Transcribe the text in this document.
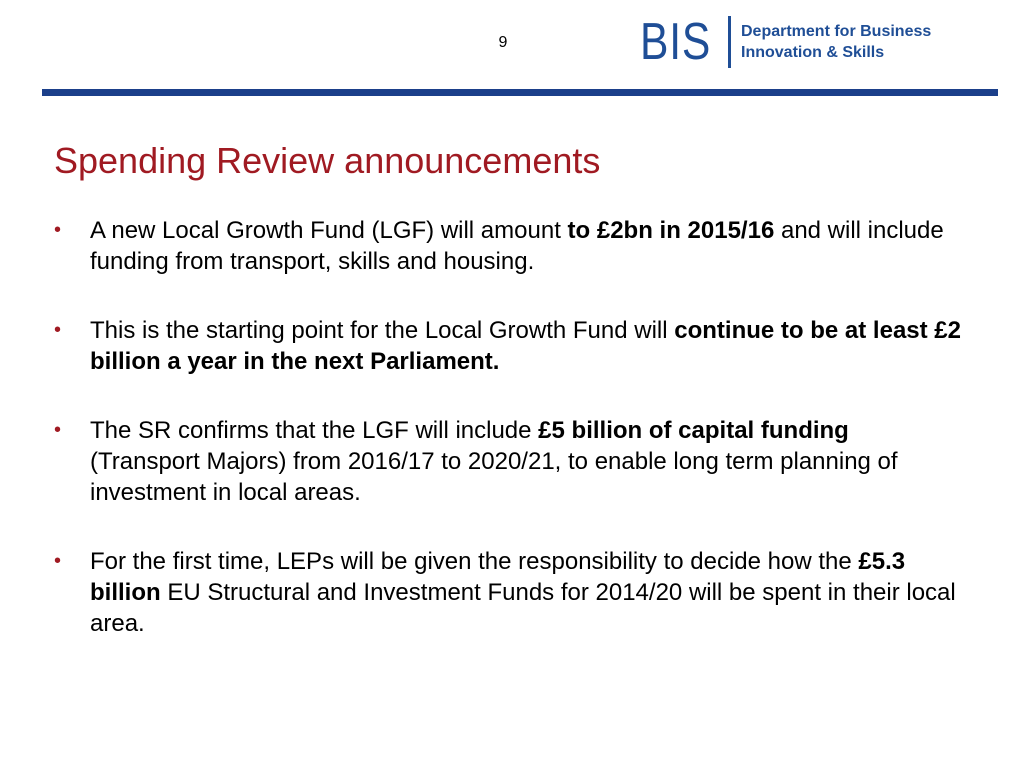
9	BIS Department for Business
Innovation & Skills
Spending Review announcements
•	A new Local Growth Fund (LGF) will amount to £2bn in 2015/16 and will include funding from transport, skills and housing.
•	This is the starting point for the Local Growth Fund will continue to be at least £2 billion a year in the next Parliament.
•	The SR confirms that the LGF will include £5 billion of capital funding (Transport Majors) from 2016/17 to 2020/21, to enable long term planning of investment in local areas.
•	For the first time, LEPs will be given the responsibility to decide how the £5.3 billion EU Structural and Investment Funds for 2014/20 will be spent in their local area.
